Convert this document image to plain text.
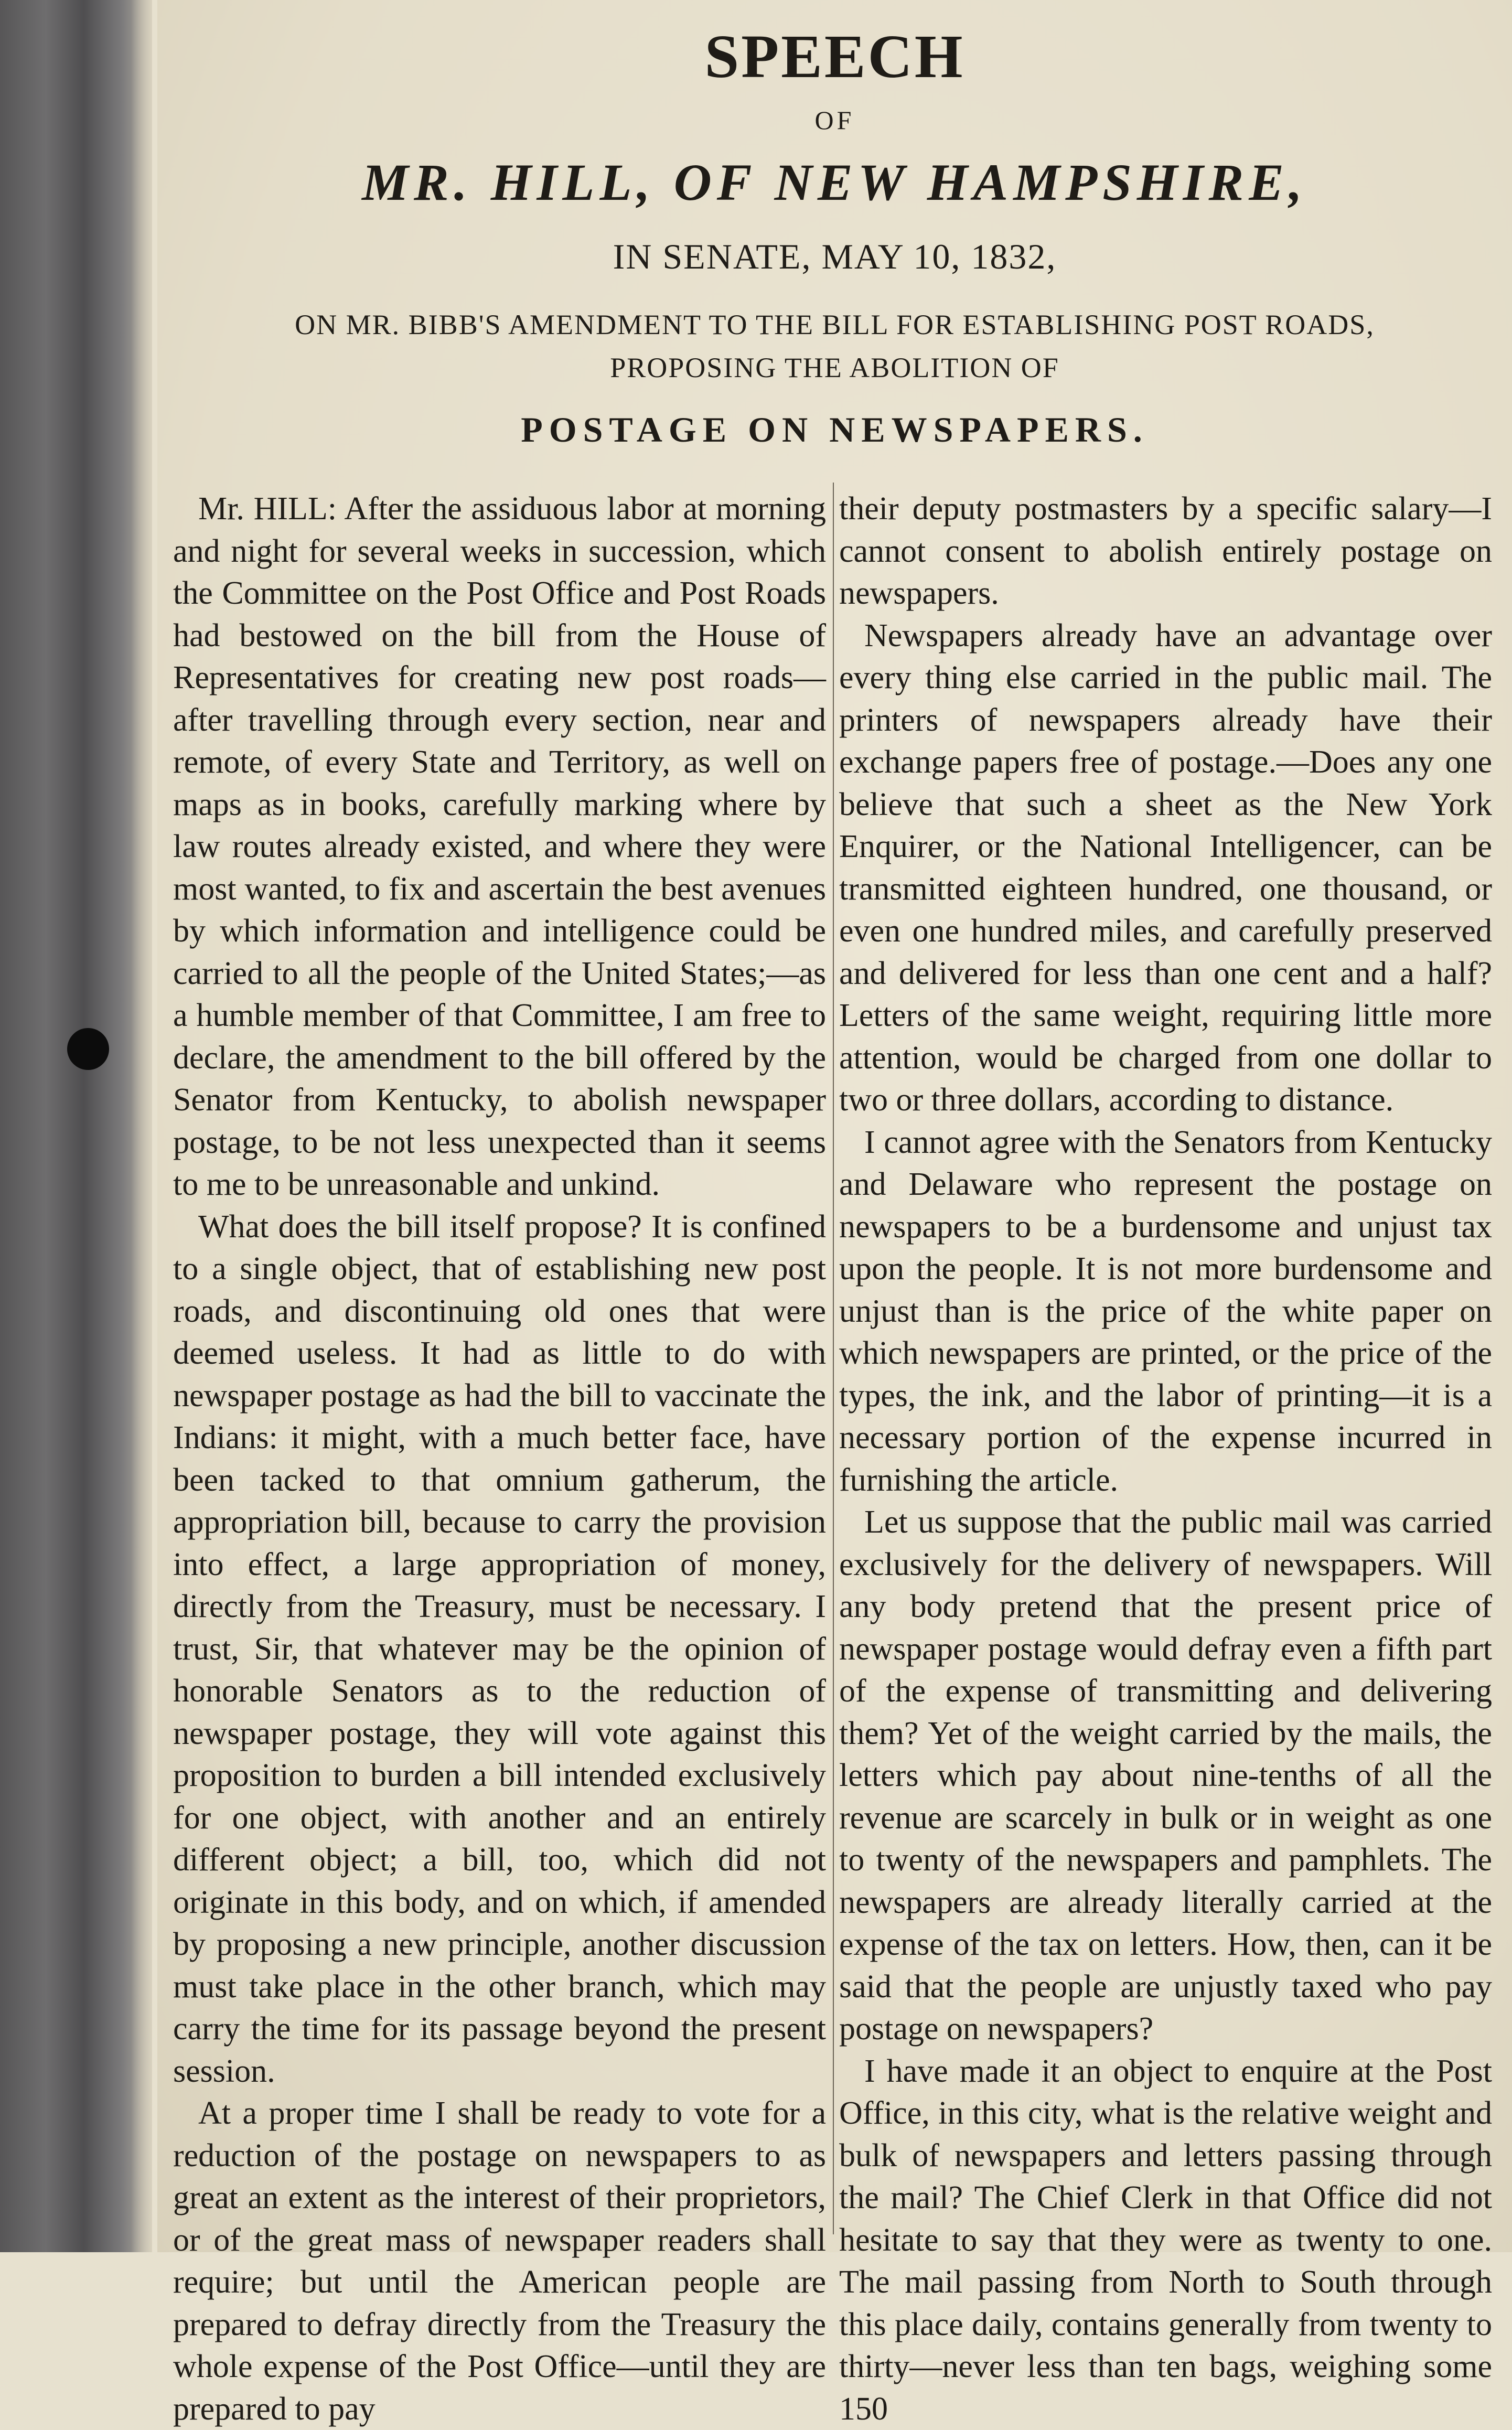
SPEECH
OF
MR. HILL, OF NEW HAMPSHIRE,
IN SENATE, MAY 10, 1832,
ON MR. BIBB'S AMENDMENT TO THE BILL FOR ESTABLISHING POST ROADS,
PROPOSING THE ABOLITION OF
POSTAGE ON NEWSPAPERS.

Mr. HILL: After the assiduous labor at morning and night for several weeks in succession, which the Committee on the Post Office and Post Roads had bestowed on the bill from the House of Representatives for creating new post roads—after travelling through every section, near and remote, of every State and Territory, as well on maps as in books, carefully marking where by law routes already existed, and where they were most wanted, to fix and ascertain the best avenues by which information and intelligence could be carried to all the people of the United States;—as a humble member of that Committee, I am free to declare, the amendment to the bill offered by the Senator from Kentucky, to abolish newspaper postage, to be not less unexpected than it seems to me to be unreasonable and unkind.

What does the bill itself propose? It is confined to a single object, that of establishing new post roads, and discontinuing old ones that were deemed useless. It had as little to do with newspaper postage as had the bill to vaccinate the Indians: it might, with a much better face, have been tacked to that omnium gatherum, the appropriation bill, because to carry the provision into effect, a large appropriation of money, directly from the Treasury, must be necessary. I trust, Sir, that whatever may be the opinion of honorable Senators as to the reduction of newspaper postage, they will vote against this proposition to burden a bill intended exclusively for one object, with another and an entirely different object; a bill, too, which did not originate in this body, and on which, if amended by proposing a new principle, another discussion must take place in the other branch, which may carry the time for its passage beyond the present session.

At a proper time I shall be ready to vote for a reduction of the postage on newspapers to as great an extent as the interest of their proprietors, or of the great mass of newspaper readers shall require; but until the American people are prepared to defray directly from the Treasury the whole expense of the Post Office—until they are prepared to pay

their deputy postmasters by a specific salary—I cannot consent to abolish entirely postage on newspapers.

Newspapers already have an advantage over every thing else carried in the public mail. The printers of newspapers already have their exchange papers free of postage.—Does any one believe that such a sheet as the New York Enquirer, or the National Intelligencer, can be transmitted eighteen hundred, one thousand, or even one hundred miles, and carefully preserved and delivered for less than one cent and a half? Letters of the same weight, requiring little more attention, would be charged from one dollar to two or three dollars, according to distance.

I cannot agree with the Senators from Kentucky and Delaware who represent the postage on newspapers to be a burdensome and unjust tax upon the people. It is not more burdensome and unjust than is the price of the white paper on which newspapers are printed, or the price of the types, the ink, and the labor of printing—it is a necessary portion of the expense incurred in furnishing the article.

Let us suppose that the public mail was carried exclusively for the delivery of newspapers. Will any body pretend that the present price of newspaper postage would defray even a fifth part of the expense of transmitting and delivering them? Yet of the weight carried by the mails, the letters which pay about nine-tenths of all the revenue are scarcely in bulk or in weight as one to twenty of the newspapers and pamphlets. The newspapers are already literally carried at the expense of the tax on letters. How, then, can it be said that the people are unjustly taxed who pay postage on newspapers?

I have made it an object to enquire at the Post Office, in this city, what is the relative weight and bulk of newspapers and letters passing through the mail? The Chief Clerk in that Office did not hesitate to say that they were as twenty to one. The mail passing from North to South through this place daily, contains generally from twenty to thirty—never less than ten bags, weighing some 150
